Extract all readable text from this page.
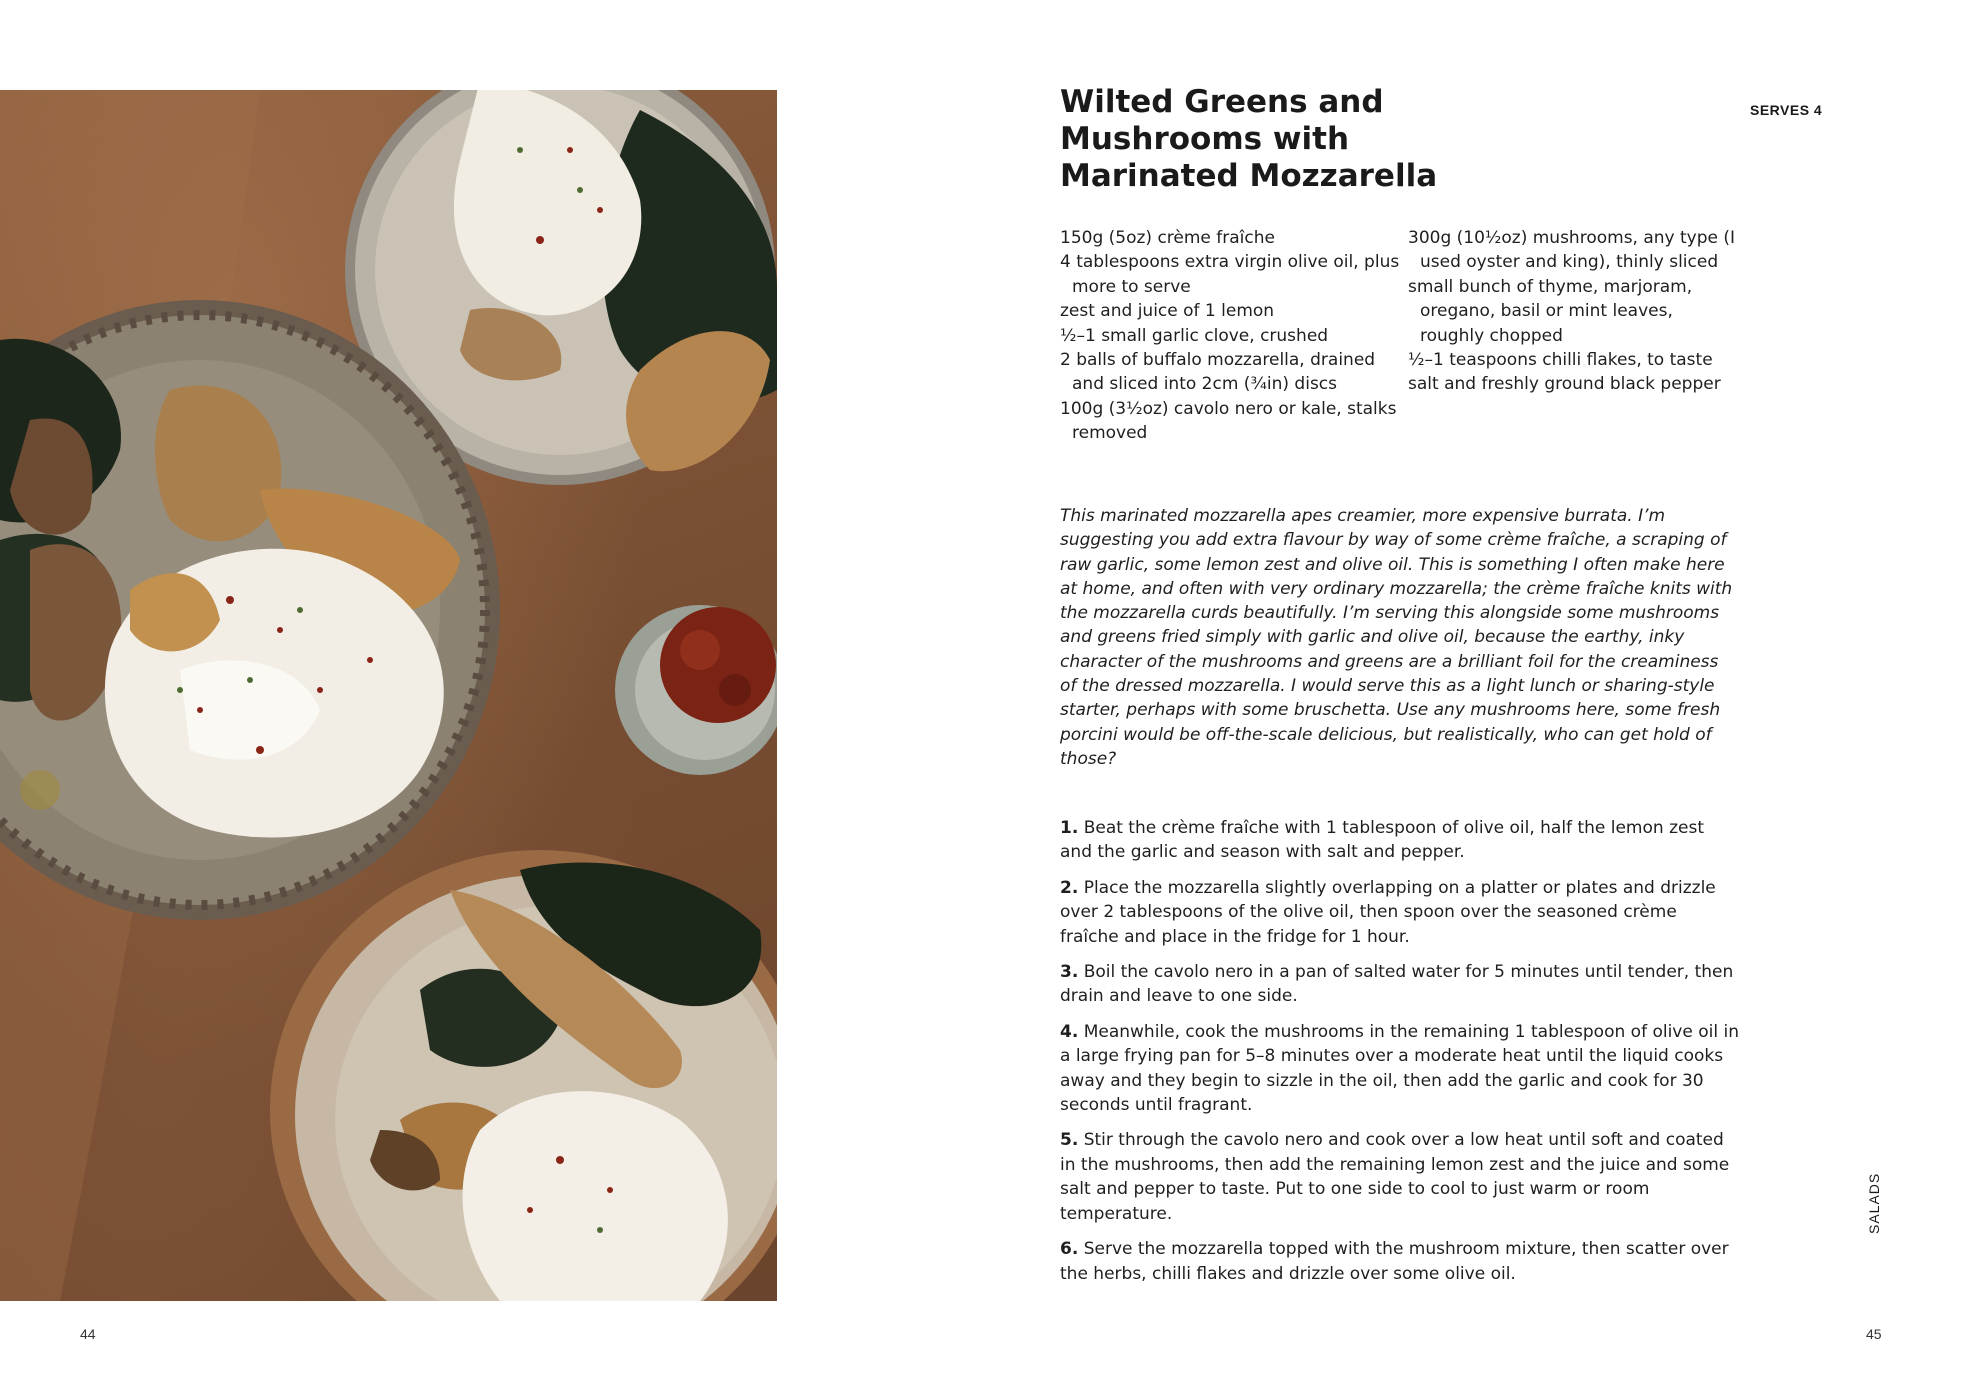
Wilted Greens and
Mushrooms with
Marinated Mozzarella
SERVES 4
150g (5oz) crème fraîche
4 tablespoons extra virgin olive oil, plus more to serve
zest and juice of 1 lemon
½–1 small garlic clove, crushed
2 balls of buffalo mozzarella, drained and sliced into 2cm (¾in) discs
100g (3½oz) cavolo nero or kale, stalks removed
300g (10½oz) mushrooms, any type (I used oyster and king), thinly sliced
small bunch of thyme, marjoram, oregano, basil or mint leaves, roughly chopped
½–1 teaspoons chilli flakes, to taste
salt and freshly ground black pepper

This marinated mozzarella apes creamier, more expensive burrata. I’m suggesting you add extra flavour by way of some crème fraîche, a scraping of raw garlic, some lemon zest and olive oil. This is something I often make here at home, and often with very ordinary mozzarella; the crème fraîche knits with the mozzarella curds beautifully. I’m serving this alongside some mushrooms and greens fried simply with garlic and olive oil, because the earthy, inky character of the mushrooms and greens are a brilliant foil for the creaminess of the dressed mozzarella. I would serve this as a light lunch or sharing-style starter, perhaps with some bruschetta. Use any mushrooms here, some fresh porcini would be off-the-scale delicious, but realistically, who can get hold of those?

1. Beat the crème fraîche with 1 tablespoon of olive oil, half the lemon zest and the garlic and season with salt and pepper.
2. Place the mozzarella slightly overlapping on a platter or plates and drizzle over 2 tablespoons of the olive oil, then spoon over the seasoned crème fraîche and place in the fridge for 1 hour.
3. Boil the cavolo nero in a pan of salted water for 5 minutes until tender, then drain and leave to one side.
4. Meanwhile, cook the mushrooms in the remaining 1 tablespoon of olive oil in a large frying pan for 5–8 minutes over a moderate heat until the liquid cooks away and they begin to sizzle in the oil, then add the garlic and cook for 30 seconds until fragrant.
5. Stir through the cavolo nero and cook over a low heat until soft and coated in the mushrooms, then add the remaining lemon zest and the juice and some salt and pepper to taste. Put to one side to cool to just warm or room temperature.
6. Serve the mozzarella topped with the mushroom mixture, then scatter over the herbs, chilli flakes and drizzle over some olive oil.
SALADS
44	45
